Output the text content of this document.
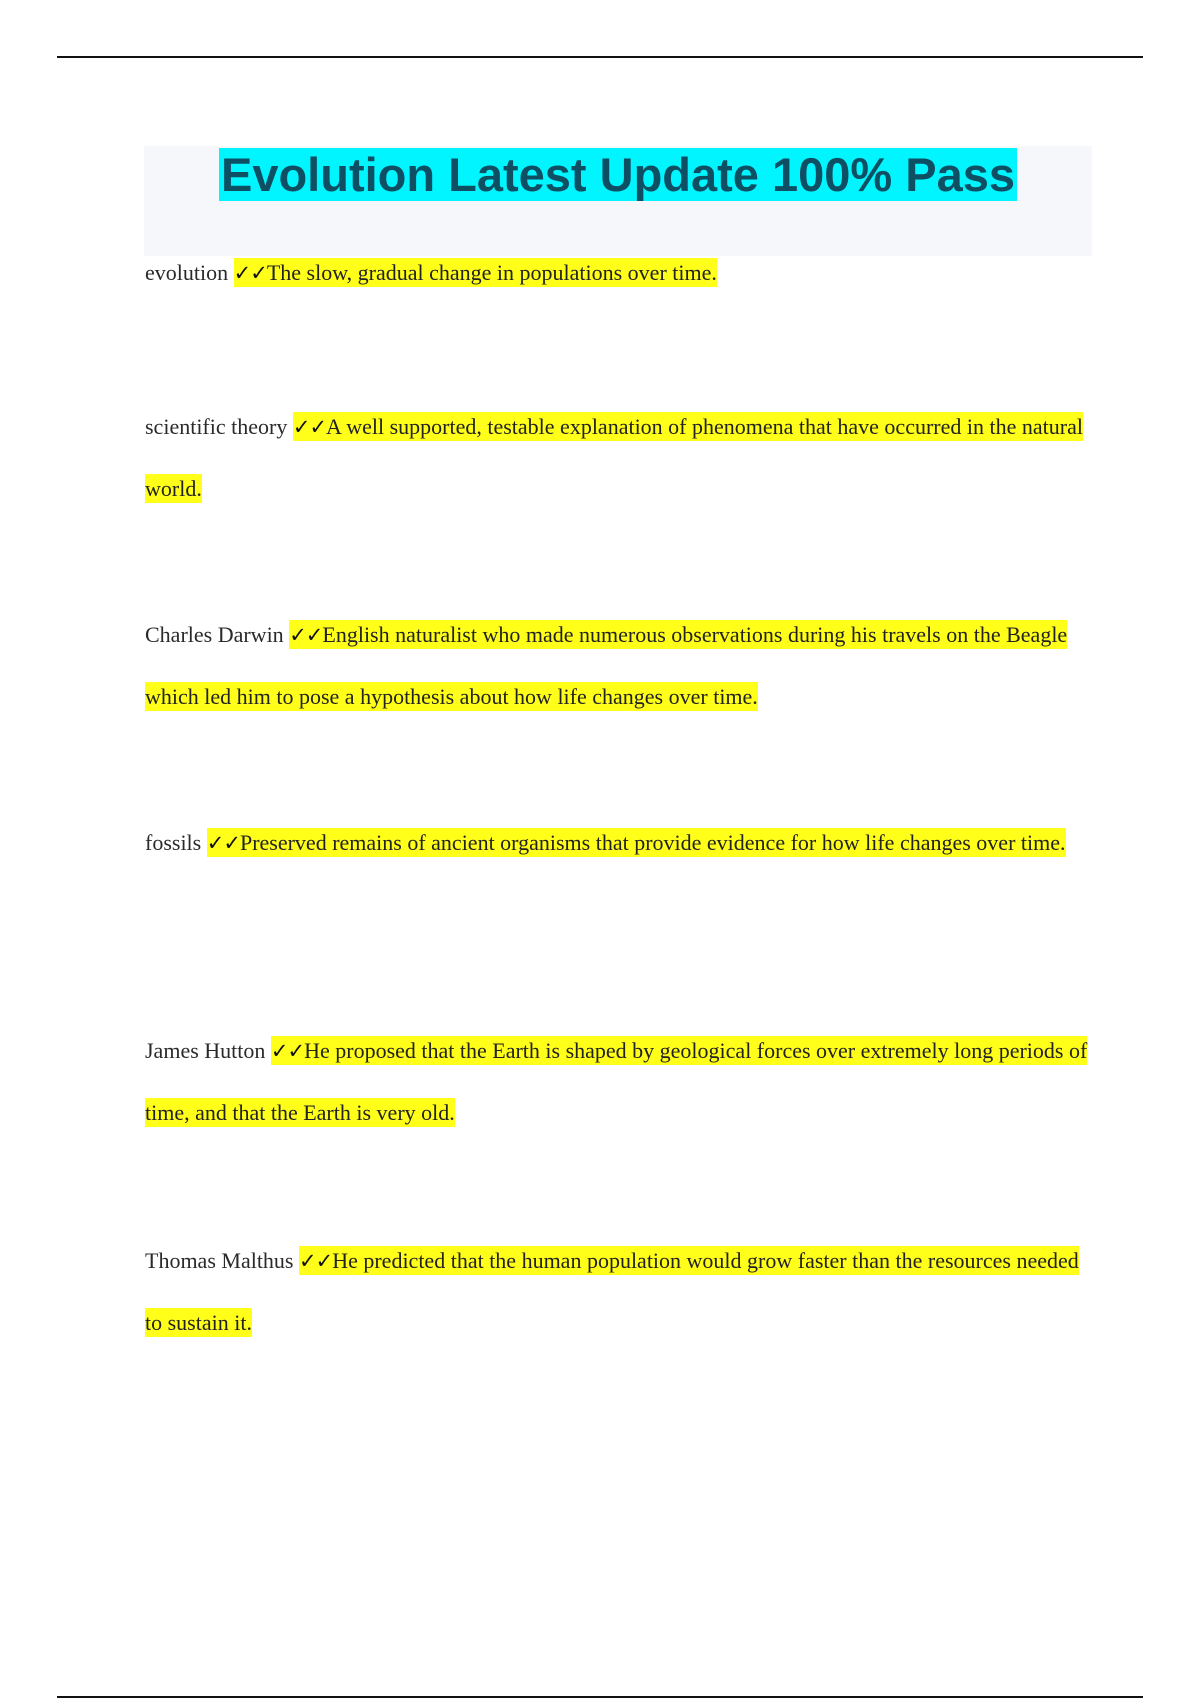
Evolution Latest Update 100% Pass
evolution ✓✓The slow, gradual change in populations over time.
scientific theory ✓✓A well supported, testable explanation of phenomena that have occurred in the natural world.
Charles Darwin ✓✓English naturalist who made numerous observations during his travels on the Beagle which led him to pose a hypothesis about how life changes over time.
fossils ✓✓Preserved remains of ancient organisms that provide evidence for how life changes over time.
James Hutton ✓✓He proposed that the Earth is shaped by geological forces over extremely long periods of time, and that the Earth is very old.
Thomas Malthus ✓✓He predicted that the human population would grow faster than the resources needed to sustain it.
